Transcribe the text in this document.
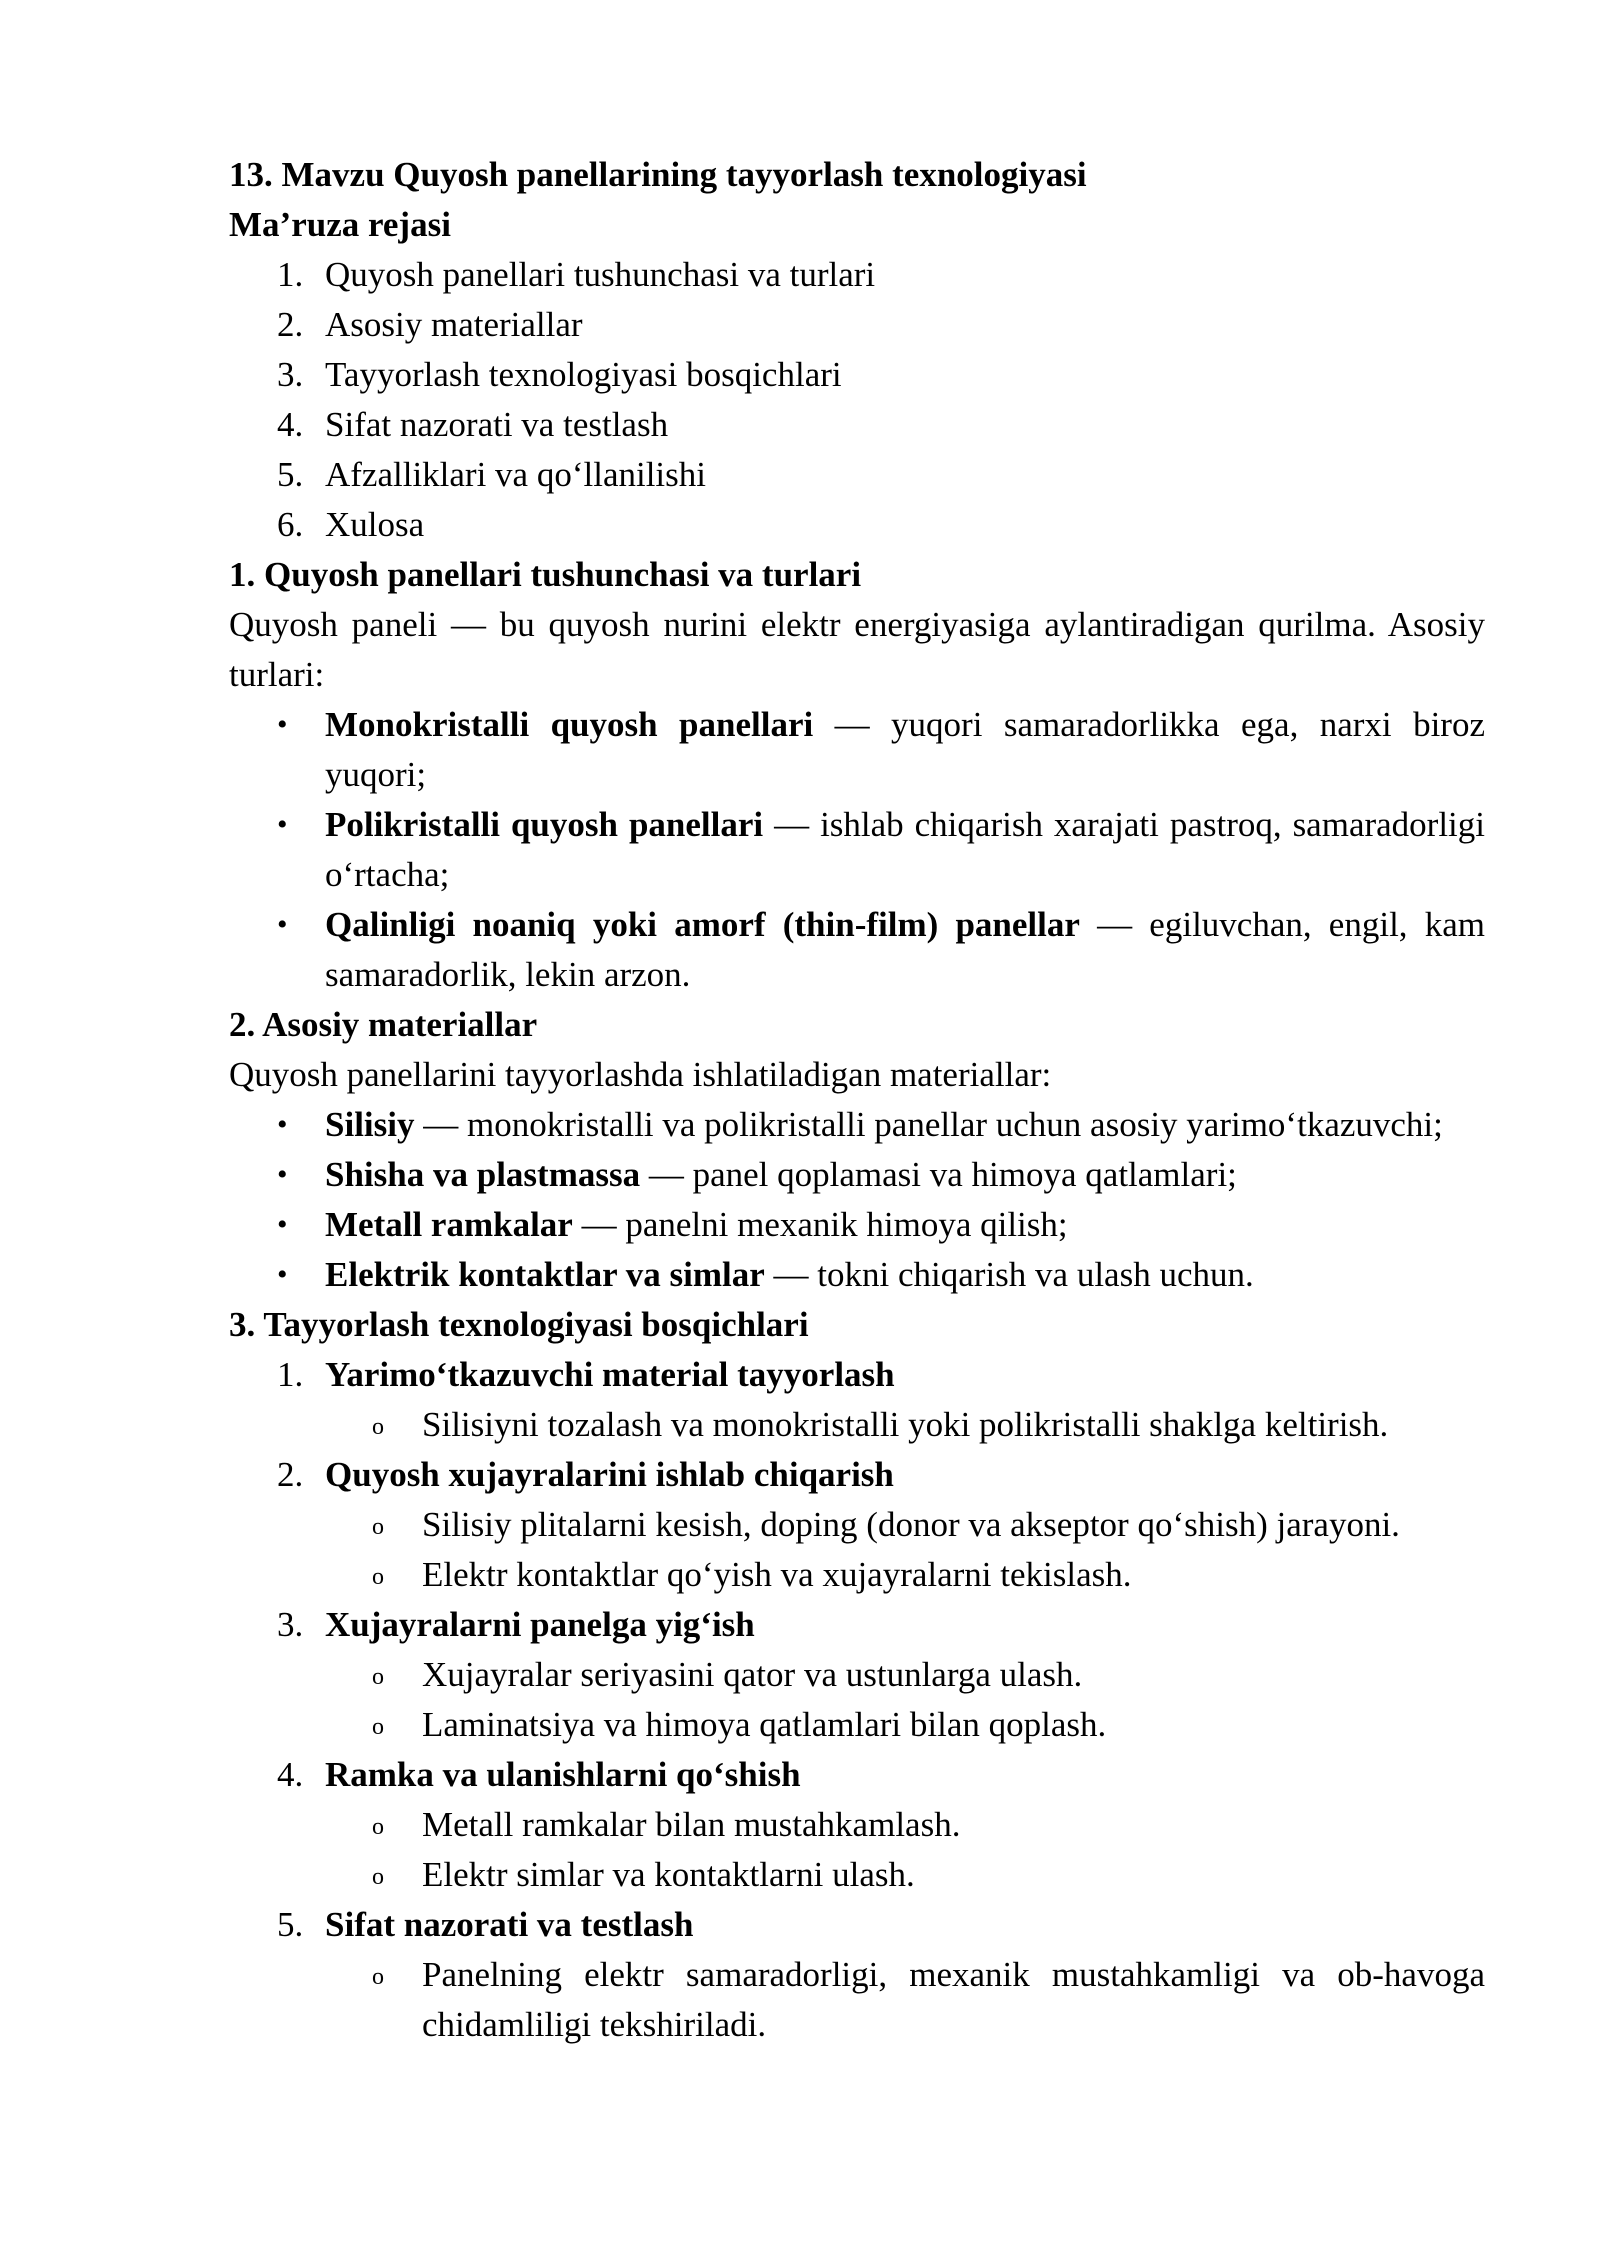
13. Mavzu Quyosh panellarining tayyorlash texnologiyasi

Ma’ruza rejasi

1. Quyosh panellari tushunchasi va turlari

2. Asosiy materiallar

3. Tayyorlash texnologiyasi bosqichlari

4. Sifat nazorati va testlash

5. Afzalliklari va qo‘llanilishi

6. Xulosa

1. Quyosh panellari tushunchasi va turlari

Quyosh paneli — bu quyosh nurini elektr energiyasiga aylantiradigan qurilma. Asosiy turlari:

• Monokristalli quyosh panellari — yuqori samaradorlikka ega, narxi biroz yuqori;

• Polikristalli quyosh panellari — ishlab chiqarish xarajati pastroq, samaradorligi o‘rtacha;

• Qalinligi noaniq yoki amorf (thin-film) panellar — egiluvchan, engil, kam samaradorlik, lekin arzon.

2. Asosiy materiallar

Quyosh panellarini tayyorlashda ishlatiladigan materiallar:

• Silisiy — monokristalli va polikristalli panellar uchun asosiy yarimo‘tkazuvchi;

• Shisha va plastmassa — panel qoplamasi va himoya qatlamlari;

• Metall ramkalar — panelni mexanik himoya qilish;

• Elektrik kontaktlar va simlar — tokni chiqarish va ulash uchun.

3. Tayyorlash texnologiyasi bosqichlari

1. Yarimo‘tkazuvchi material tayyorlash

o Silisiyni tozalash va monokristalli yoki polikristalli shaklga keltirish.

2. Quyosh xujayralarini ishlab chiqarish

o Silisiy plitalarni kesish, doping (donor va akseptor qo‘shish) jarayoni.

o Elektr kontaktlar qo‘yish va xujayralarni tekislash.

3. Xujayralarni panelga yig‘ish

o Xujayralar seriyasini qator va ustunlarga ulash.

o Laminatsiya va himoya qatlamlari bilan qoplash.

4. Ramka va ulanishlarni qo‘shish

o Metall ramkalar bilan mustahkamlash.

o Elektr simlar va kontaktlarni ulash.

5. Sifat nazorati va testlash

o Panelning elektr samaradorligi, mexanik mustahkamligi va ob-havoga chidamliligi tekshiriladi.
